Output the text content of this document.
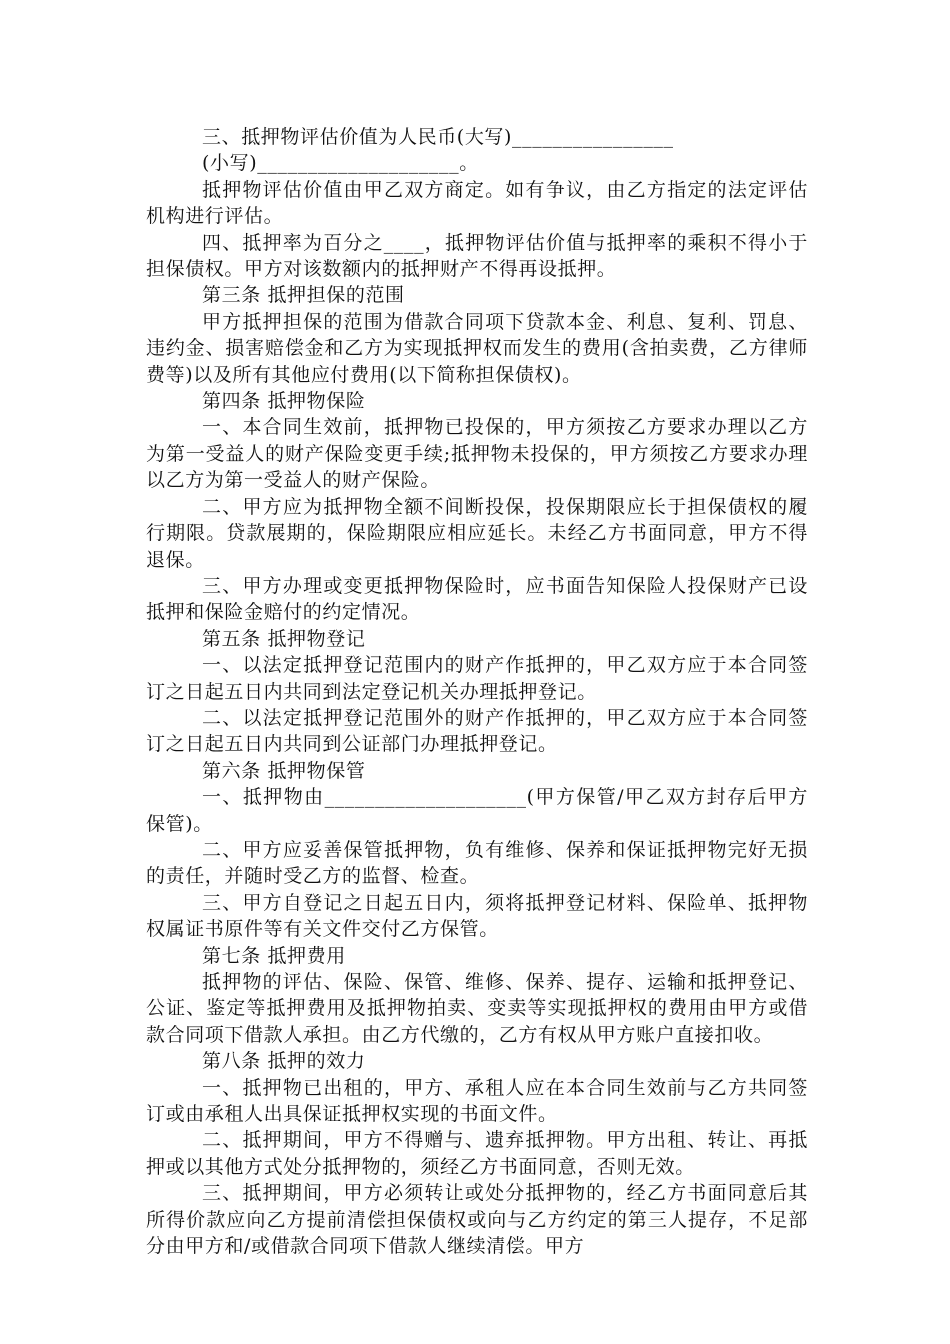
三、抵押物评估价值为人民币(大写)________________

(小写)____________________。

抵押物评估价值由甲乙双方商定。如有争议，由乙方指定的法定评估机构进行评估。

四、抵押率为百分之____，抵押物评估价值与抵押率的乘积不得小于担保债权。甲方对该数额内的抵押财产不得再设抵押。

第三条 抵押担保的范围

甲方抵押担保的范围为借款合同项下贷款本金、利息、复利、罚息、违约金、损害赔偿金和乙方为实现抵押权而发生的费用(含拍卖费，乙方律师费等)以及所有其他应付费用(以下简称担保债权)。

第四条 抵押物保险

一、本合同生效前，抵押物已投保的，甲方须按乙方要求办理以乙方为第一受益人的财产保险变更手续;抵押物未投保的，甲方须按乙方要求办理以乙方为第一受益人的财产保险。

二、甲方应为抵押物全额不间断投保，投保期限应长于担保债权的履行期限。贷款展期的，保险期限应相应延长。未经乙方书面同意，甲方不得退保。

三、甲方办理或变更抵押物保险时，应书面告知保险人投保财产已设抵押和保险金赔付的约定情况。

第五条 抵押物登记

一、以法定抵押登记范围内的财产作抵押的，甲乙双方应于本合同签订之日起五日内共同到法定登记机关办理抵押登记。

二、以法定抵押登记范围外的财产作抵押的，甲乙双方应于本合同签订之日起五日内共同到公证部门办理抵押登记。

第六条 抵押物保管

一、抵押物由____________________(甲方保管/甲乙双方封存后甲方保管)。

二、甲方应妥善保管抵押物，负有维修、保养和保证抵押物完好无损的责任，并随时受乙方的监督、检查。

三、甲方自登记之日起五日内，须将抵押登记材料、保险单、抵押物权属证书原件等有关文件交付乙方保管。

第七条 抵押费用

抵押物的评估、保险、保管、维修、保养、提存、运输和抵押登记、公证、鉴定等抵押费用及抵押物拍卖、变卖等实现抵押权的费用由甲方或借款合同项下借款人承担。由乙方代缴的，乙方有权从甲方账户直接扣收。

第八条 抵押的效力

一、抵押物已出租的，甲方、承租人应在本合同生效前与乙方共同签订或由承租人出具保证抵押权实现的书面文件。

二、抵押期间，甲方不得赠与、遗弃抵押物。甲方出租、转让、再抵押或以其他方式处分抵押物的，须经乙方书面同意，否则无效。

三、抵押期间，甲方必须转让或处分抵押物的，经乙方书面同意后其所得价款应向乙方提前清偿担保债权或向与乙方约定的第三人提存，不足部分由甲方和/或借款合同项下借款人继续清偿。甲方
